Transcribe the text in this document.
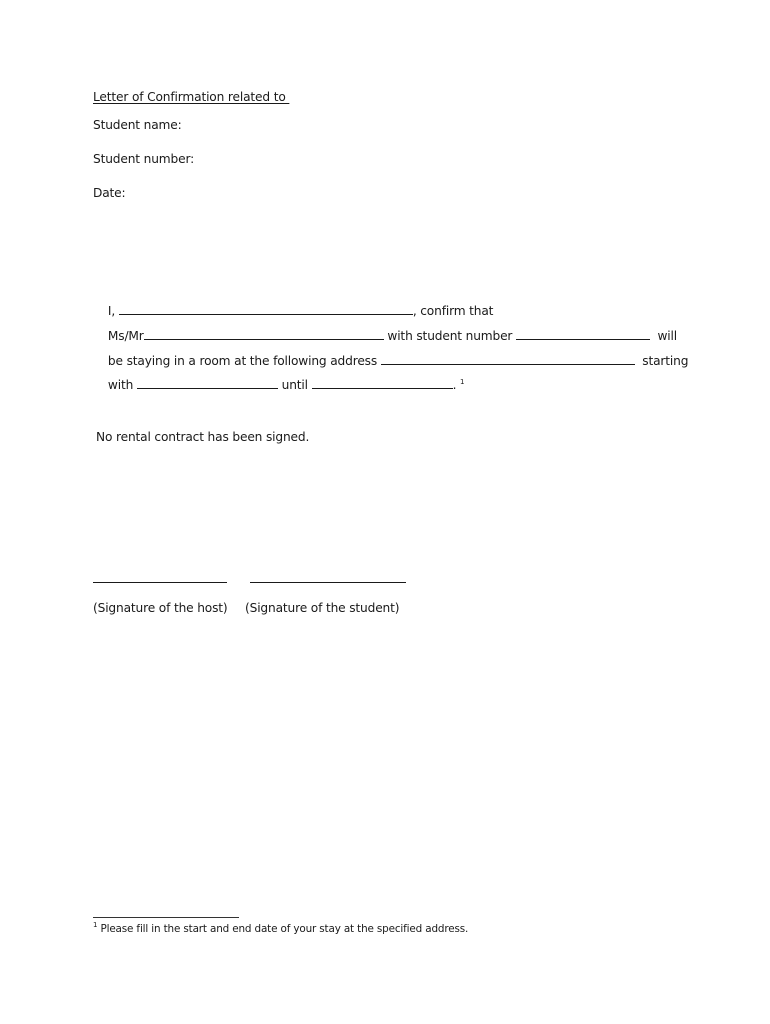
Letter of Confirmation related to
Student name:
Student number:
Date:

I,	, confirm that

Ms/Mr	with student number	will

be staying in a room at the following address	starting

with	until	. $^1$

No rental contract has been signed.
(Signature of the host) (Signature of the student)
$^1$ Please fill in the start and end date of your stay at the specified address.
